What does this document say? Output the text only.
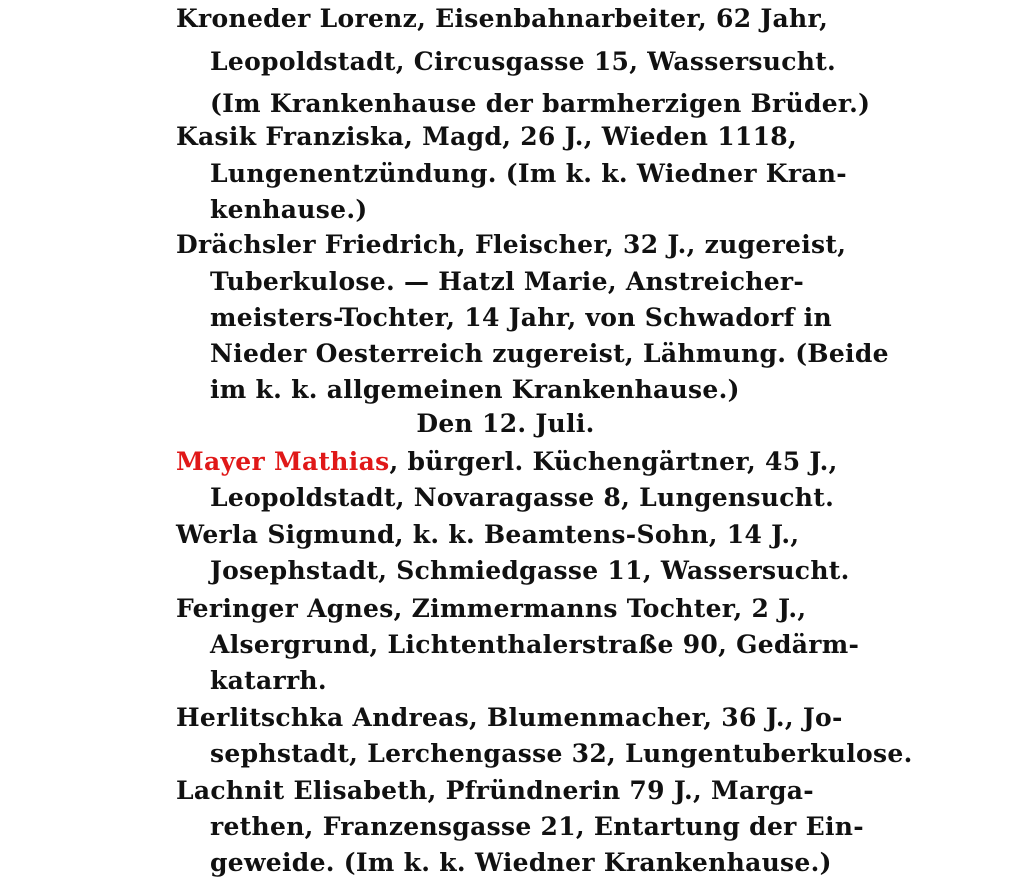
Kroneder Lorenz, Eisenbahnarbeiter, 62 Jahr,
Leopoldstadt, Circusgasse 15, Wassersucht.
(Im Krankenhause der barmherzigen Brüder.)
Kasik Franziska, Magd, 26 J., Wieden 1118,
Lungenentzündung. (Im k. k. Wiedner Kran-
kenhause.)
Drächsler Friedrich, Fleischer, 32 J., zugereist,
Tuberkulose. — Hatzl Marie, Anstreicher-
meisters-Tochter, 14 Jahr, von Schwadorf in
Nieder Oesterreich zugereist, Lähmung. (Beide
im k. k. allgemeinen Krankenhause.)
Den 12. Juli.
Mayer Mathias, bürgerl. Küchengärtner, 45 J.,
Leopoldstadt, Novaragasse 8, Lungensucht.
Werla Sigmund, k. k. Beamtens-Sohn, 14 J.,
Josephstadt, Schmiedgasse 11, Wassersucht.
Feringer Agnes, Zimmermanns Tochter, 2 J.,
Alsergrund, Lichtenthalerstraße 90, Gedärm-
katarrh.
Herlitschka Andreas, Blumenmacher, 36 J., Jo-
sephstadt, Lerchengasse 32, Lungentuberkulose.
Lachnit Elisabeth, Pfründnerin 79 J., Marga-
rethen, Franzensgasse 21, Entartung der Ein-
geweide. (Im k. k. Wiedner Krankenhause.)
